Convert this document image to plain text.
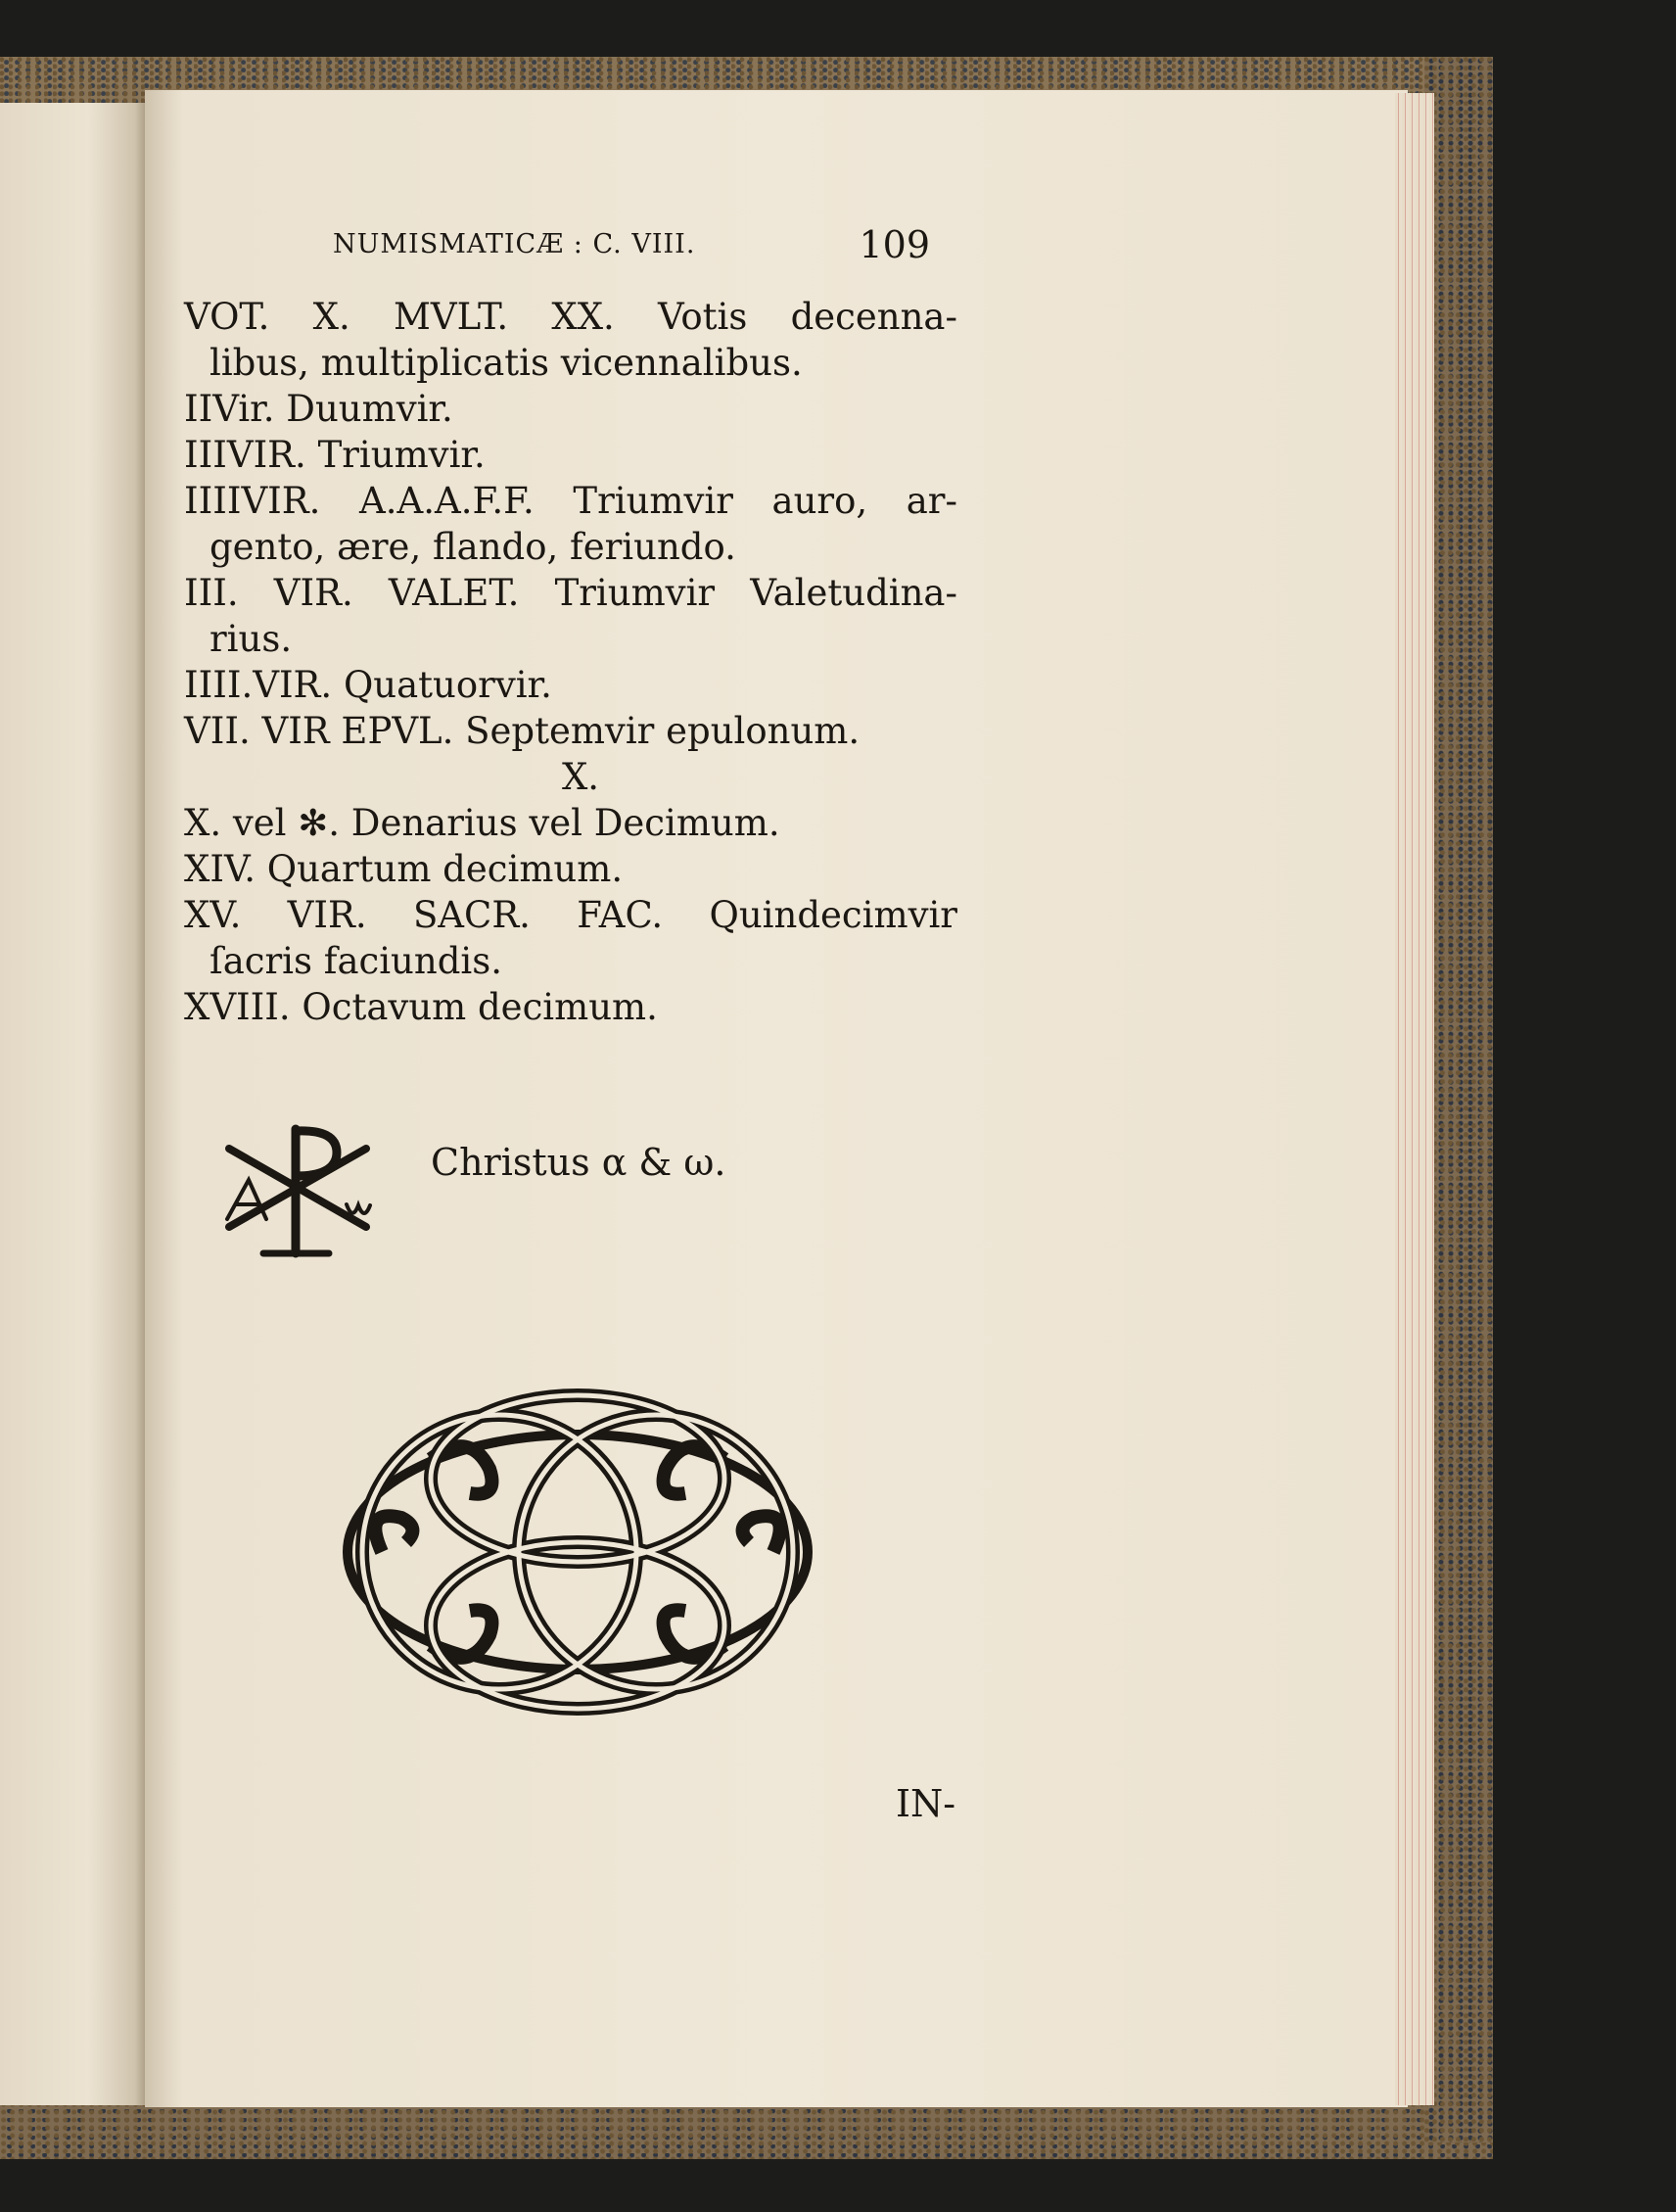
NUMISMATICÆ : C. VIII.	109
VOT. X. MVLT. XX. Votis decenna-
libus, multiplicatis vicennalibus.
IIVir. Duumvir.
IIIVIR. Triumvir.
IIIIVIR. A.A.A.F.F. Triumvir auro, ar-
gento, ære, flando, feriundo.
III. VIR. VALET. Triumvir Valetudina-
rius.
IIII.VIR. Quatuorvir.
VII. VIR EPVL. Septemvir epulonum.
X.
X. vel ✻. Denarius vel Decimum.
XIV. Quartum decimum.
XV. VIR. SACR. FAC. Quindecimvir
ſacris faciundis.
XVIII. Octavum decimum.
Christus α & ω.
IN-
